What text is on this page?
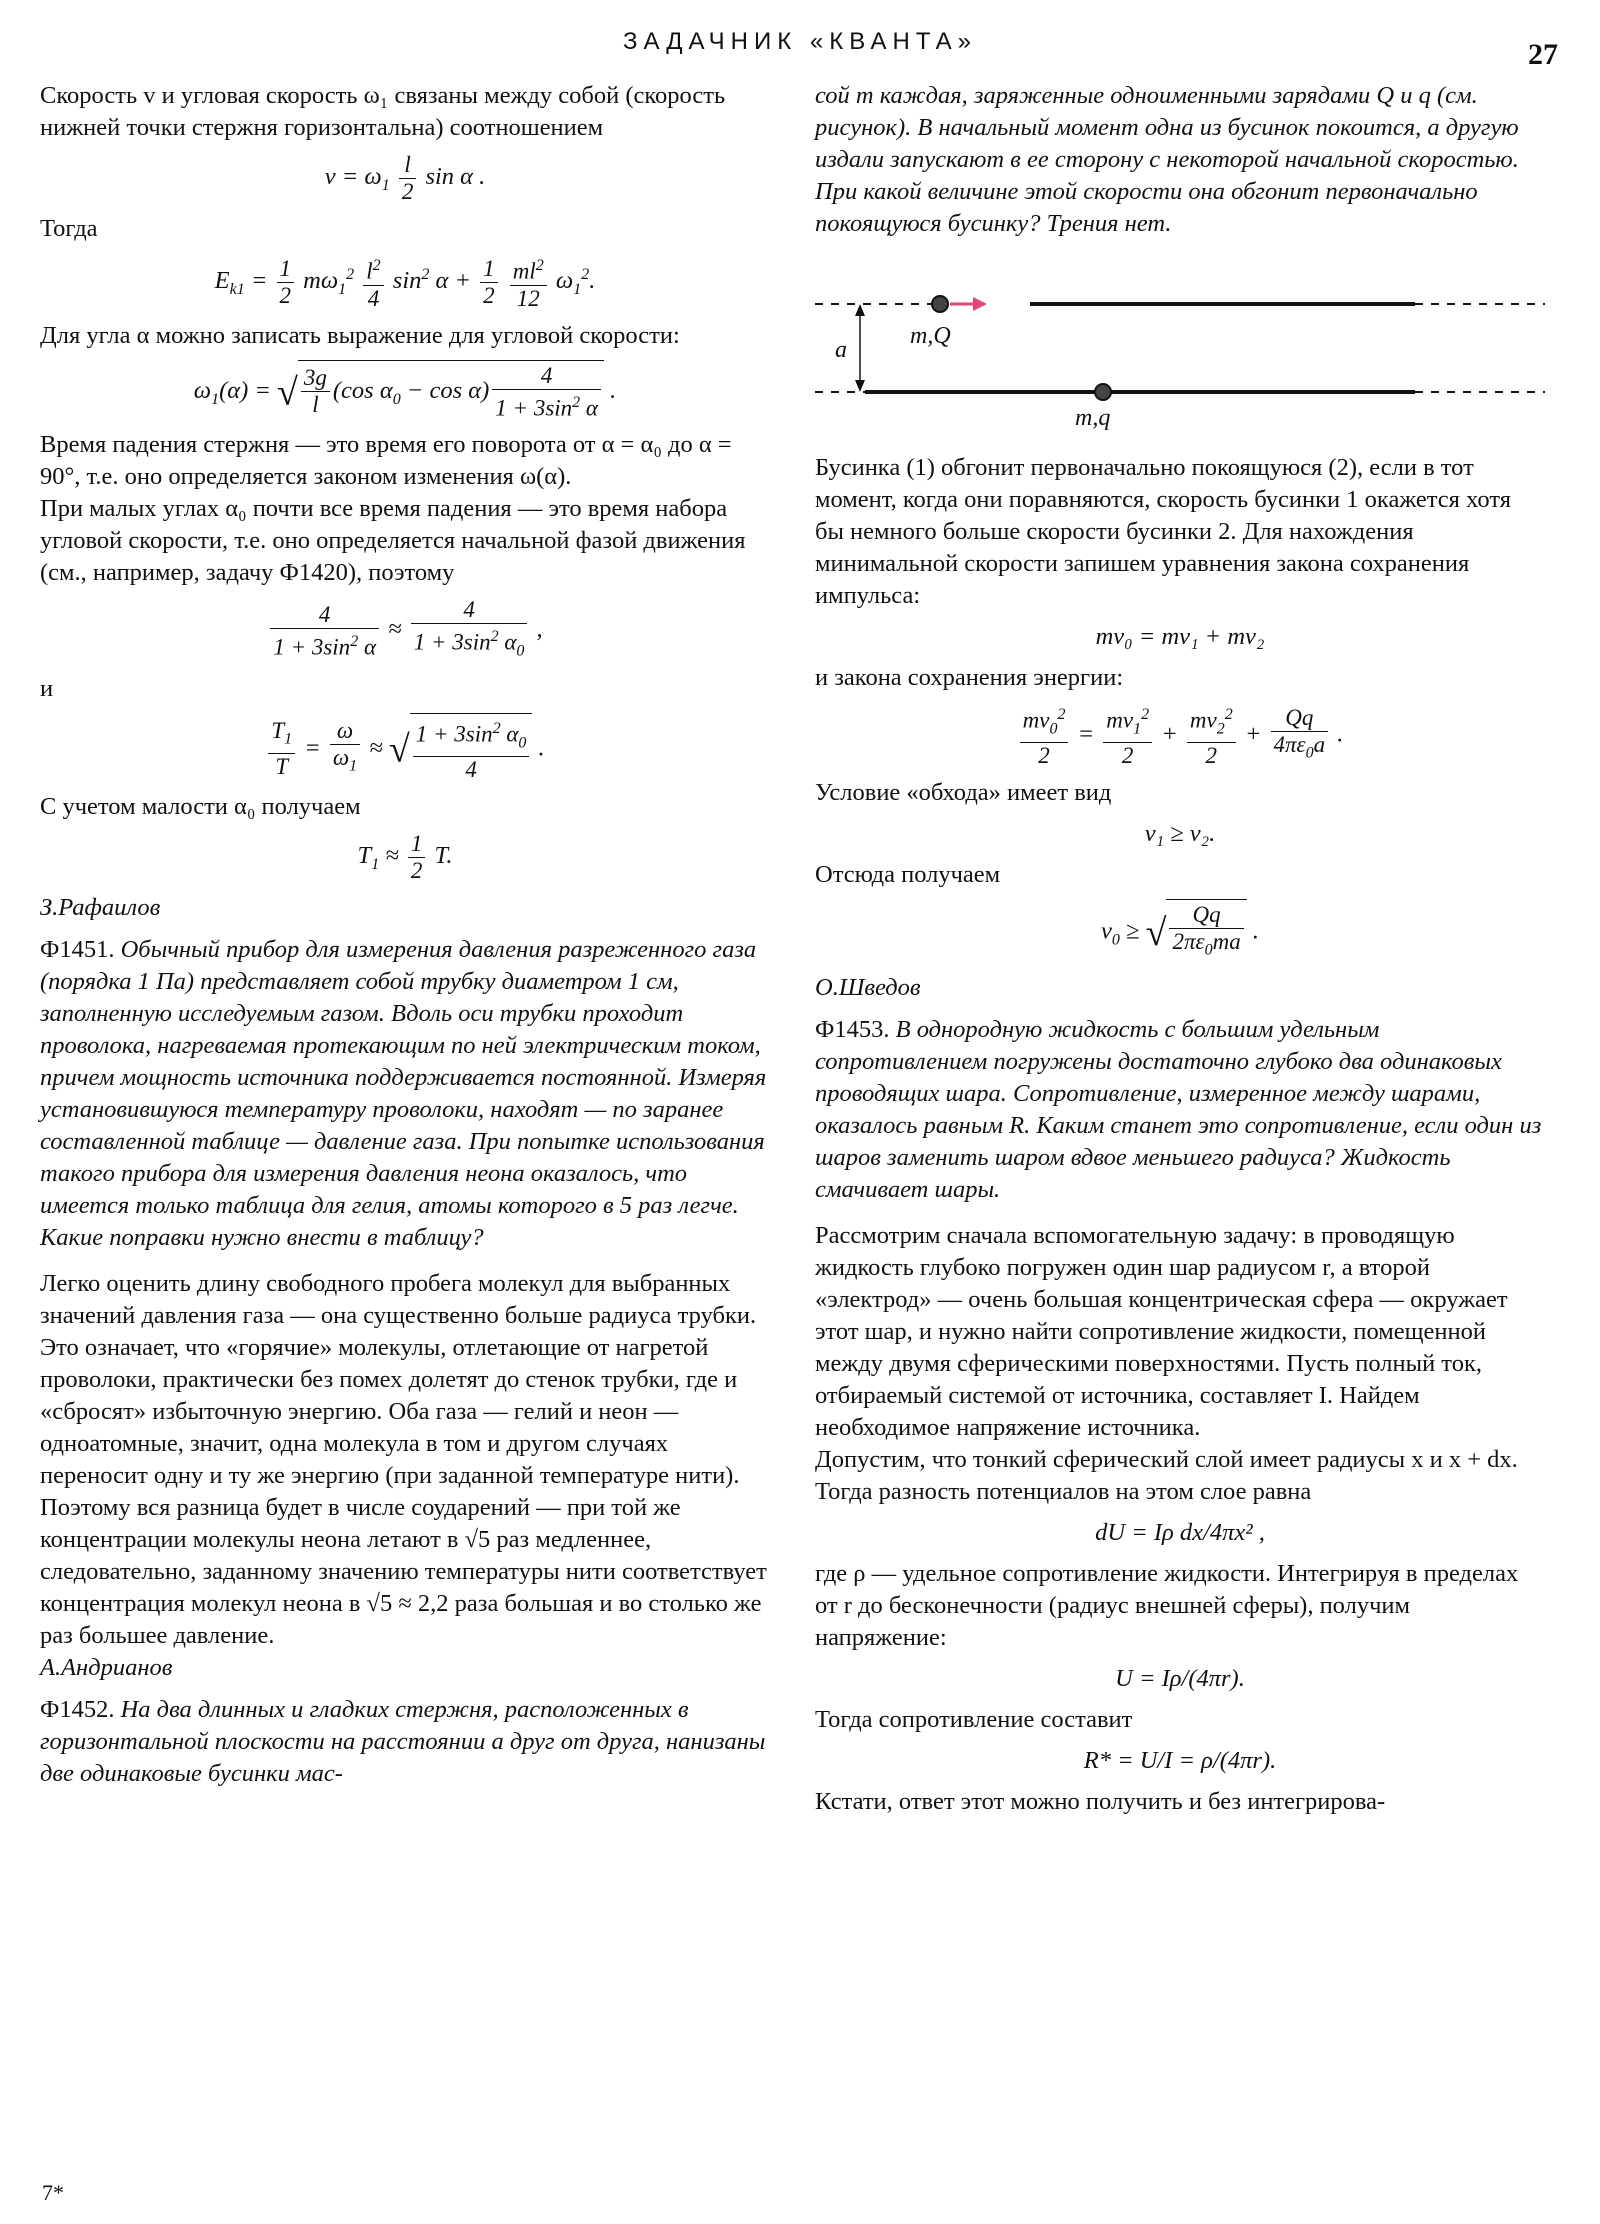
ЗАДАЧНИК «КВАНТА»	27

Скорость v и угловая скорость ω₁ связаны между собой (скорость нижней точки стержня горизонтальна) соотношением

$v = \omega_1 \frac{l}{2}$ sin α .

Тогда

$E_{k1} = \frac{1}{2} m\omega_1^2 \frac{l^2}{4} \sin^2 \alpha + \frac{1}{2}$
$\frac{ml^2}{12} \omega_1^2$.

Для угла α можно записать выражение для угловой скорости:

$\omega_1(\alpha)$ = √ $\frac{3g}{l} (\cos$ $\alpha_0 - \cos \alpha) \frac{4}{1 + 3\sin^2 \alpha}$ .

Время падения стержня — это время его поворота от α = α₀ до α = 90°, т.е. оно определяется законом изменения ω(α).

При малых углах α₀ почти все время падения — это время набора угловой скорости, т.е. оно определяется начальной фазой движения (см., например, задачу Ф1420), поэтому

$\frac{4}{1 + 3\sin^2 \alpha} \approx \frac{4}{1 + 3\sin^2 \alpha_0}$ ,

и

$\frac{T_1}{T} = \frac{\omega}{\omega_1}$ ≈ √ $\frac{1 + 3\sin^2 \alpha_0}{4}$ .

С учетом малости α₀ получаем

$T_1 \approx \frac{1}{2} T$.

З.Рафаилов

Ф1451. Обычный прибор для измерения давления разреженного газа (порядка 1 Па) представляет собой трубку диаметром 1 см, заполненную исследуемым газом. Вдоль оси трубки проходит проволока, нагреваемая протекающим по ней электрическим током, причем мощность источника поддерживается постоянной. Измеряя установившуюся температуру проволоки, находят — по заранее составленной таблице — давление газа. При попытке использования такого прибора для измерения давления неона оказалось, что имеется только таблица для гелия, атомы которого в 5 раз легче. Какие поправки нужно внести в таблицу?

Легко оценить длину свободного пробега молекул для выбранных значений давления газа — она существенно больше радиуса трубки. Это означает, что «горячие» молекулы, отлетающие от нагретой проволоки, практически без помех долетят до стенок трубки, где и «сбросят» избыточную энергию. Оба газа — гелий и неон — одноатомные, значит, одна молекула в том и другом случаях переносит одну и ту же энергию (при заданной температуре нити). Поэтому вся разница будет в числе соударений — при той же концентрации молекулы неона летают в √5 раз медленнее, следовательно, заданному значению температуры нити соответствует концентрация молекул неона в √5 ≈ 2,2 раза большая и во столько же раз большее давление.

А.Андрианов

Ф1452. На два длинных и гладких стержня, расположенных в горизонтальной плоскости на расстоянии a друг от друга, нанизаны две одинаковые бусинки мас-

сой m каждая, заряженные одноименными зарядами Q и q (см. рисунок). В начальный момент одна из бусинок покоится, а другую издали запускают в ее сторону с некоторой начальной скоростью. При какой величине этой скорости она обгонит первоначально покоящуюся бусинку? Трения нет.

m,Q
a
m,q

Бусинка (1) обгонит первоначально покоящуюся (2), если в тот момент, когда они поравняются, скорость бусинки 1 окажется хотя бы немного больше скорости бусинки 2. Для нахождения минимальной скорости запишем уравнения закона сохранения импульса:

mv₀ = mv₁ + mv₂

и закона сохранения энергии:

$\frac{mv_0^2}{2} = \frac{mv_1^2}{2} + \frac{mv_2^2}{2} + \frac{Qq}{4\pi\varepsilon_0a}$ .

Условие «обхода» имеет вид

v₁ ≥ v₂.

Отсюда получаем

$v_0$ ≥ √ $\frac{Qq}{2\pi\varepsilon_0ma}$ .

О.Шведов

Ф1453. В однородную жидкость с большим удельным сопротивлением погружены достаточно глубоко два одинаковых проводящих шара. Сопротивление, измеренное между шарами, оказалось равным R. Каким станет это сопротивление, если один из шаров заменить шаром вдвое меньшего радиуса? Жидкость смачивает шары.

Рассмотрим сначала вспомогательную задачу: в проводящую жидкость глубоко погружен один шар радиусом r, а второй «электрод» — очень большая концентрическая сфера — окружает этот шар, и нужно найти сопротивление жидкости, помещенной между двумя сферическими поверхностями. Пусть полный ток, отбираемый системой от источника, составляет I. Найдем необходимое напряжение источника.

Допустим, что тонкий сферический слой имеет радиусы x и x + dx. Тогда разность потенциалов на этом слое равна

dU = Iρ dx/4πx² ,

где ρ — удельное сопротивление жидкости. Интегрируя в пределах от r до бесконечности (радиус внешней сферы), получим напряжение:

U = Iρ/(4πr).

Тогда сопротивление составит

R* = U/I = ρ/(4πr).

Кстати, ответ этот можно получить и без интегрирова-

7*
